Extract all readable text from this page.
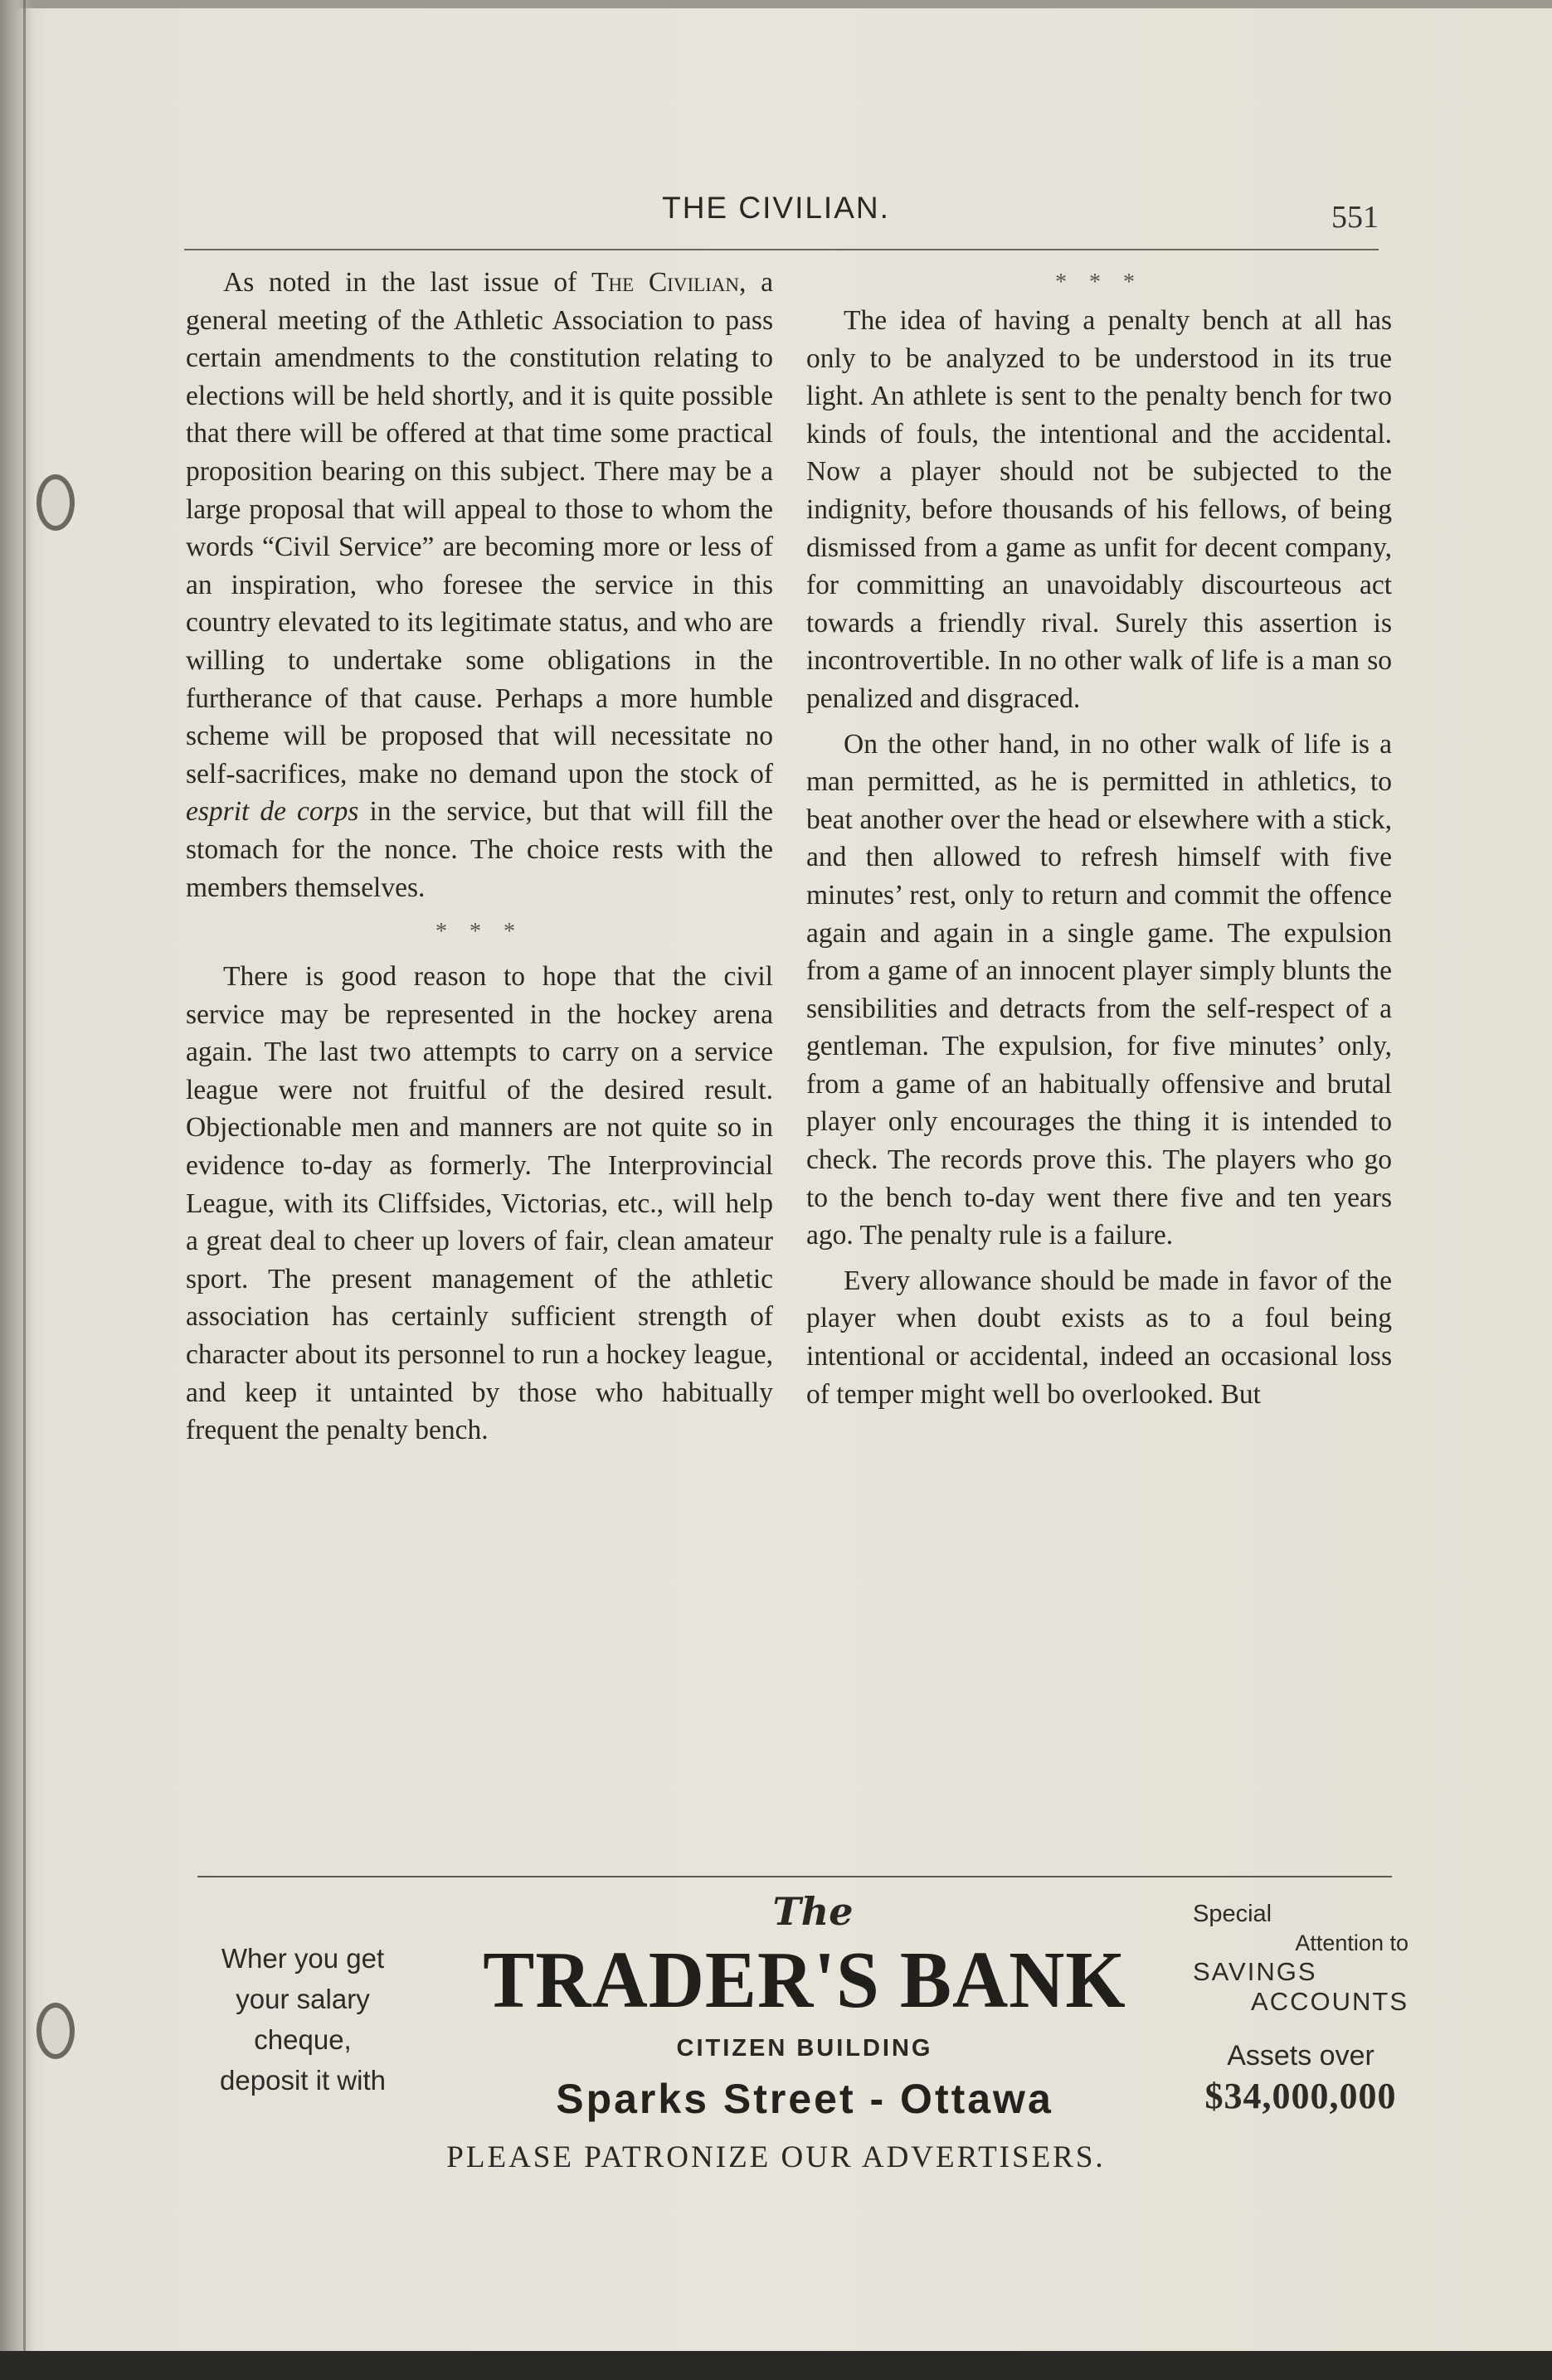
THE CIVILIAN.	551

As noted in the last issue of The Civilian, a general meeting of the Athletic Association to pass certain amendments to the constitution relating to elections will be held shortly, and it is quite possible that there will be offered at that time some practical proposition bearing on this subject. There may be a large proposal that will appeal to those to whom the words “Civil Service” are becoming more or less of an inspiration, who foresee the service in this country elevated to its legitimate status, and who are willing to undertake some obligations in the furtherance of that cause. Perhaps a more humble scheme will be proposed that will necessitate no self-sacrifices, make no demand upon the stock of esprit de corps in the service, but that will fill the stomach for the nonce. The choice rests with the members themselves.

* * *

There is good reason to hope that the civil service may be represented in the hockey arena again. The last two attempts to carry on a service league were not fruitful of the desired result. Objectionable men and manners are not quite so in evidence to-day as formerly. The Interprovincial League, with its Cliffsides, Victorias, etc., will help a great deal to cheer up lovers of fair, clean amateur sport. The present management of the athletic association has certainly sufficient strength of character about its personnel to run a hockey league, and keep it untainted by those who habitually frequent the penalty bench.

* * *

The idea of having a penalty bench at all has only to be analyzed to be understood in its true light. An athlete is sent to the penalty bench for two kinds of fouls, the intentional and the accidental. Now a player should not be subjected to the indignity, before thousands of his fellows, of being dismissed from a game as unfit for decent company, for committing an unavoidably discourteous act towards a friendly rival. Surely this assertion is incontrovertible. In no other walk of life is a man so penalized and disgraced.

On the other hand, in no other walk of life is a man permitted, as he is permitted in athletics, to beat another over the head or elsewhere with a stick, and then allowed to refresh himself with five minutes’ rest, only to return and commit the offence again and again in a single game. The expulsion from a game of an innocent player simply blunts the sensibilities and detracts from the self-respect of a gentleman. The expulsion, for five minutes’ only, from a game of an habitually offensive and brutal player only encourages the thing it is intended to check. The records prove this. The players who go to the bench to-day went there five and ten years ago. The penalty rule is a failure.

Every allowance should be made in favor of the player when doubt exists as to a foul being intentional or accidental, indeed an occasional loss of temper might well bo overlooked. But

Wher you get
your salary
cheque,
deposit it with
The
TRADER'S BANK
CITIZEN BUILDING
Sparks Street - Ottawa
Special
Attention to
SAVINGS
ACCOUNTS
Assets over
$34,000,000
PLEASE PATRONIZE OUR ADVERTISERS.
